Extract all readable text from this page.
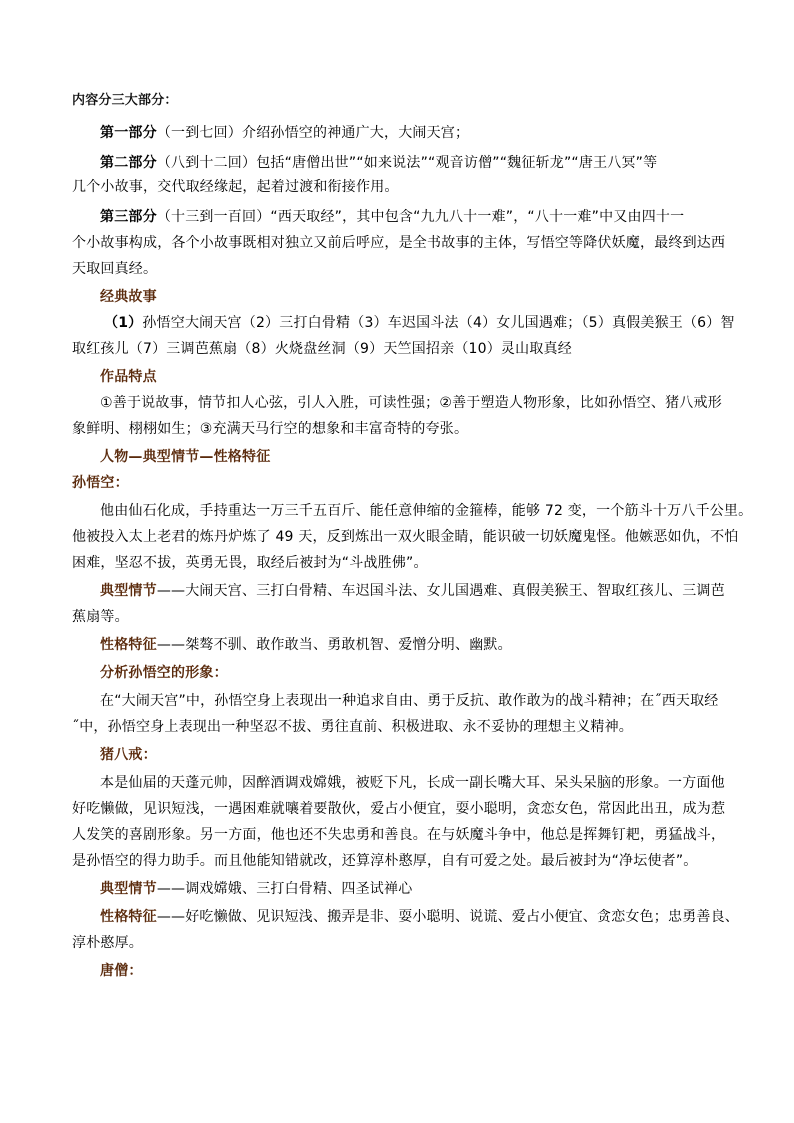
内容分三大部分：
第一部分（一到七回）介绍孙悟空的神通广大，大闹天宫；
第二部分（八到十二回）包括“唐僧出世”“如来说法”“观音访僧”“魏征斩龙”“唐王八冥”等
几个小故事，交代取经缘起，起着过渡和衔接作用。
第三部分（十三到一百回）“西天取经”，其中包含“九九八十一难”，“八十一难”中又由四十一
个小故事构成，各个小故事既相对独立又前后呼应，是全书故事的主体，写悟空等降伏妖魔，最终到达西
天取回真经。
经典故事
（1）孙悟空大闹天宫（2）三打白骨精（3）车迟国斗法（4）女儿国遇难；（5）真假美猴王（6）智
取红孩儿（7）三调芭蕉扇（8）火烧盘丝洞（9）天竺国招亲（10）灵山取真经
作品特点
①善于说故事，情节扣人心弦，引人入胜，可读性强；②善于塑造人物形象，比如孙悟空、猪八戒形
象鲜明、栩栩如生；③充满天马行空的想象和丰富奇特的夸张。
人物—典型情节—性格特征
孙悟空：
他由仙石化成，手持重达一万三千五百斤、能任意伸缩的金箍棒，能够 72 变，一个筋斗十万八千公里。
他被投入太上老君的炼丹炉炼了 49 天，反到炼出一双火眼金睛，能识破一切妖魔鬼怪。他嫉恶如仇，不怕
困难，坚忍不拔，英勇无畏，取经后被封为“斗战胜佛”。
典型情节——大闹天宫、三打白骨精、车迟国斗法、女儿国遇难、真假美猴王、智取红孩儿、三调芭
蕉扇等。
性格特征——桀骜不驯、敢作敢当、勇敢机智、爱憎分明、幽默。
分析孙悟空的形象：
在“大闹天宫”中，孙悟空身上表现出一种追求自由、勇于反抗、敢作敢为的战斗精神；在˝西天取经
˝中，孙悟空身上表现出一种坚忍不拔、勇往直前、积极进取、永不妥协的理想主义精神。
猪八戒：
本是仙届的天蓬元帅，因醉酒调戏嫦娥，被贬下凡，长成一副长嘴大耳、呆头呆脑的形象。一方面他
好吃懒做，见识短浅，一遇困难就嚷着要散伙，爱占小便宜，耍小聪明，贪恋女色，常因此出丑，成为惹
人发笑的喜剧形象。另一方面，他也还不失忠勇和善良。在与妖魔斗争中，他总是挥舞钉耙，勇猛战斗，
是孙悟空的得力助手。而且他能知错就改，还算淳朴憨厚，自有可爱之处。最后被封为“净坛使者”。
典型情节——调戏嫦娥、三打白骨精、四圣试禅心
性格特征——好吃懒做、见识短浅、搬弄是非、耍小聪明、说谎、爱占小便宜、贪恋女色；忠勇善良、
淳朴憨厚。
唐僧：
